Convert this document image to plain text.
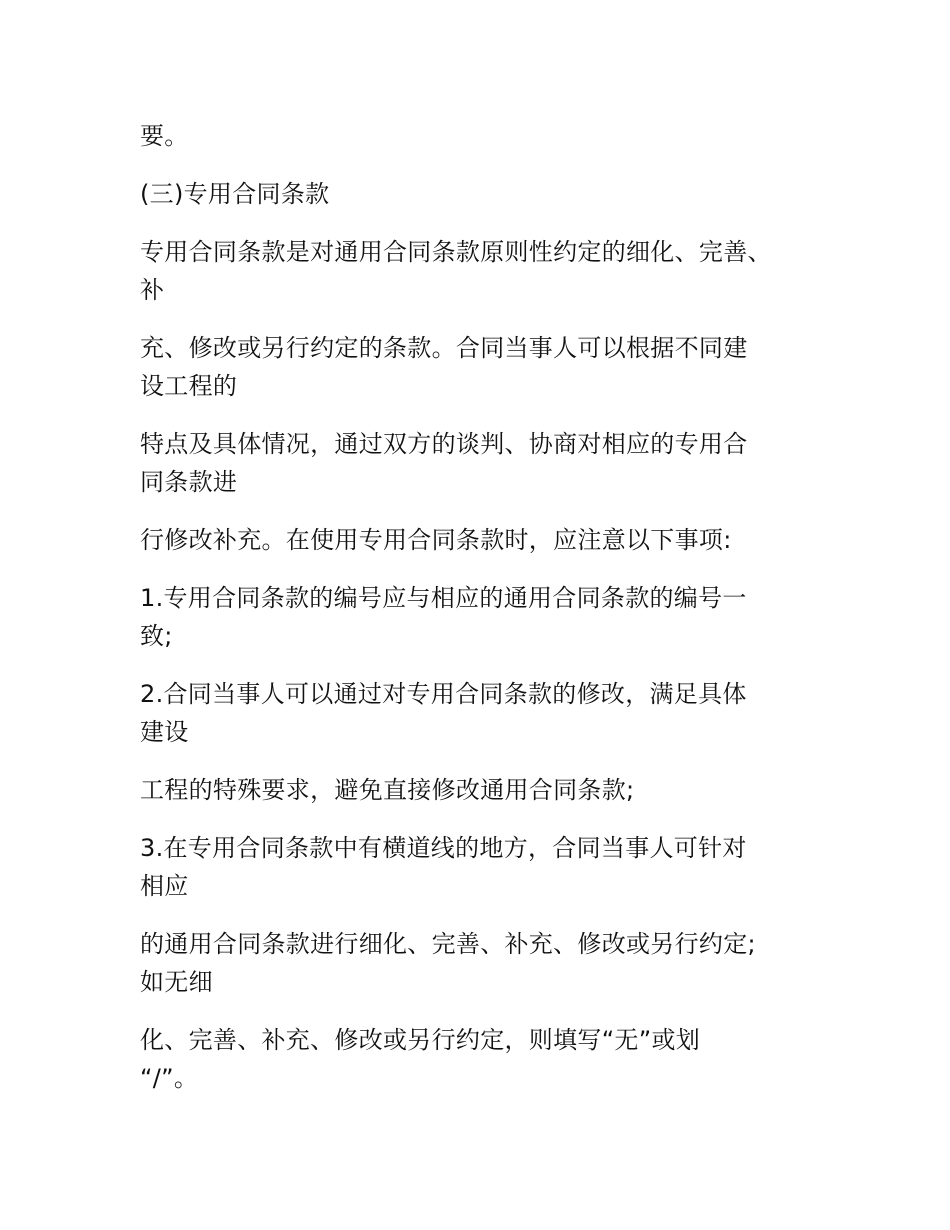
要。
(三)专用合同条款
专用合同条款是对通用合同条款原则性约定的细化、完善、
补
充、修改或另行约定的条款。合同当事人可以根据不同建
设工程的
特点及具体情况，通过双方的谈判、协商对相应的专用合
同条款进
行修改补充。在使用专用合同条款时，应注意以下事项:
1.专用合同条款的编号应与相应的通用合同条款的编号一
致;
2.合同当事人可以通过对专用合同条款的修改，满足具体
建设
工程的特殊要求，避免直接修改通用合同条款;
3.在专用合同条款中有横道线的地方，合同当事人可针对
相应
的通用合同条款进行细化、完善、补充、修改或另行约定;
如无细
化、完善、补充、修改或另行约定，则填写“无”或划
“/”。
